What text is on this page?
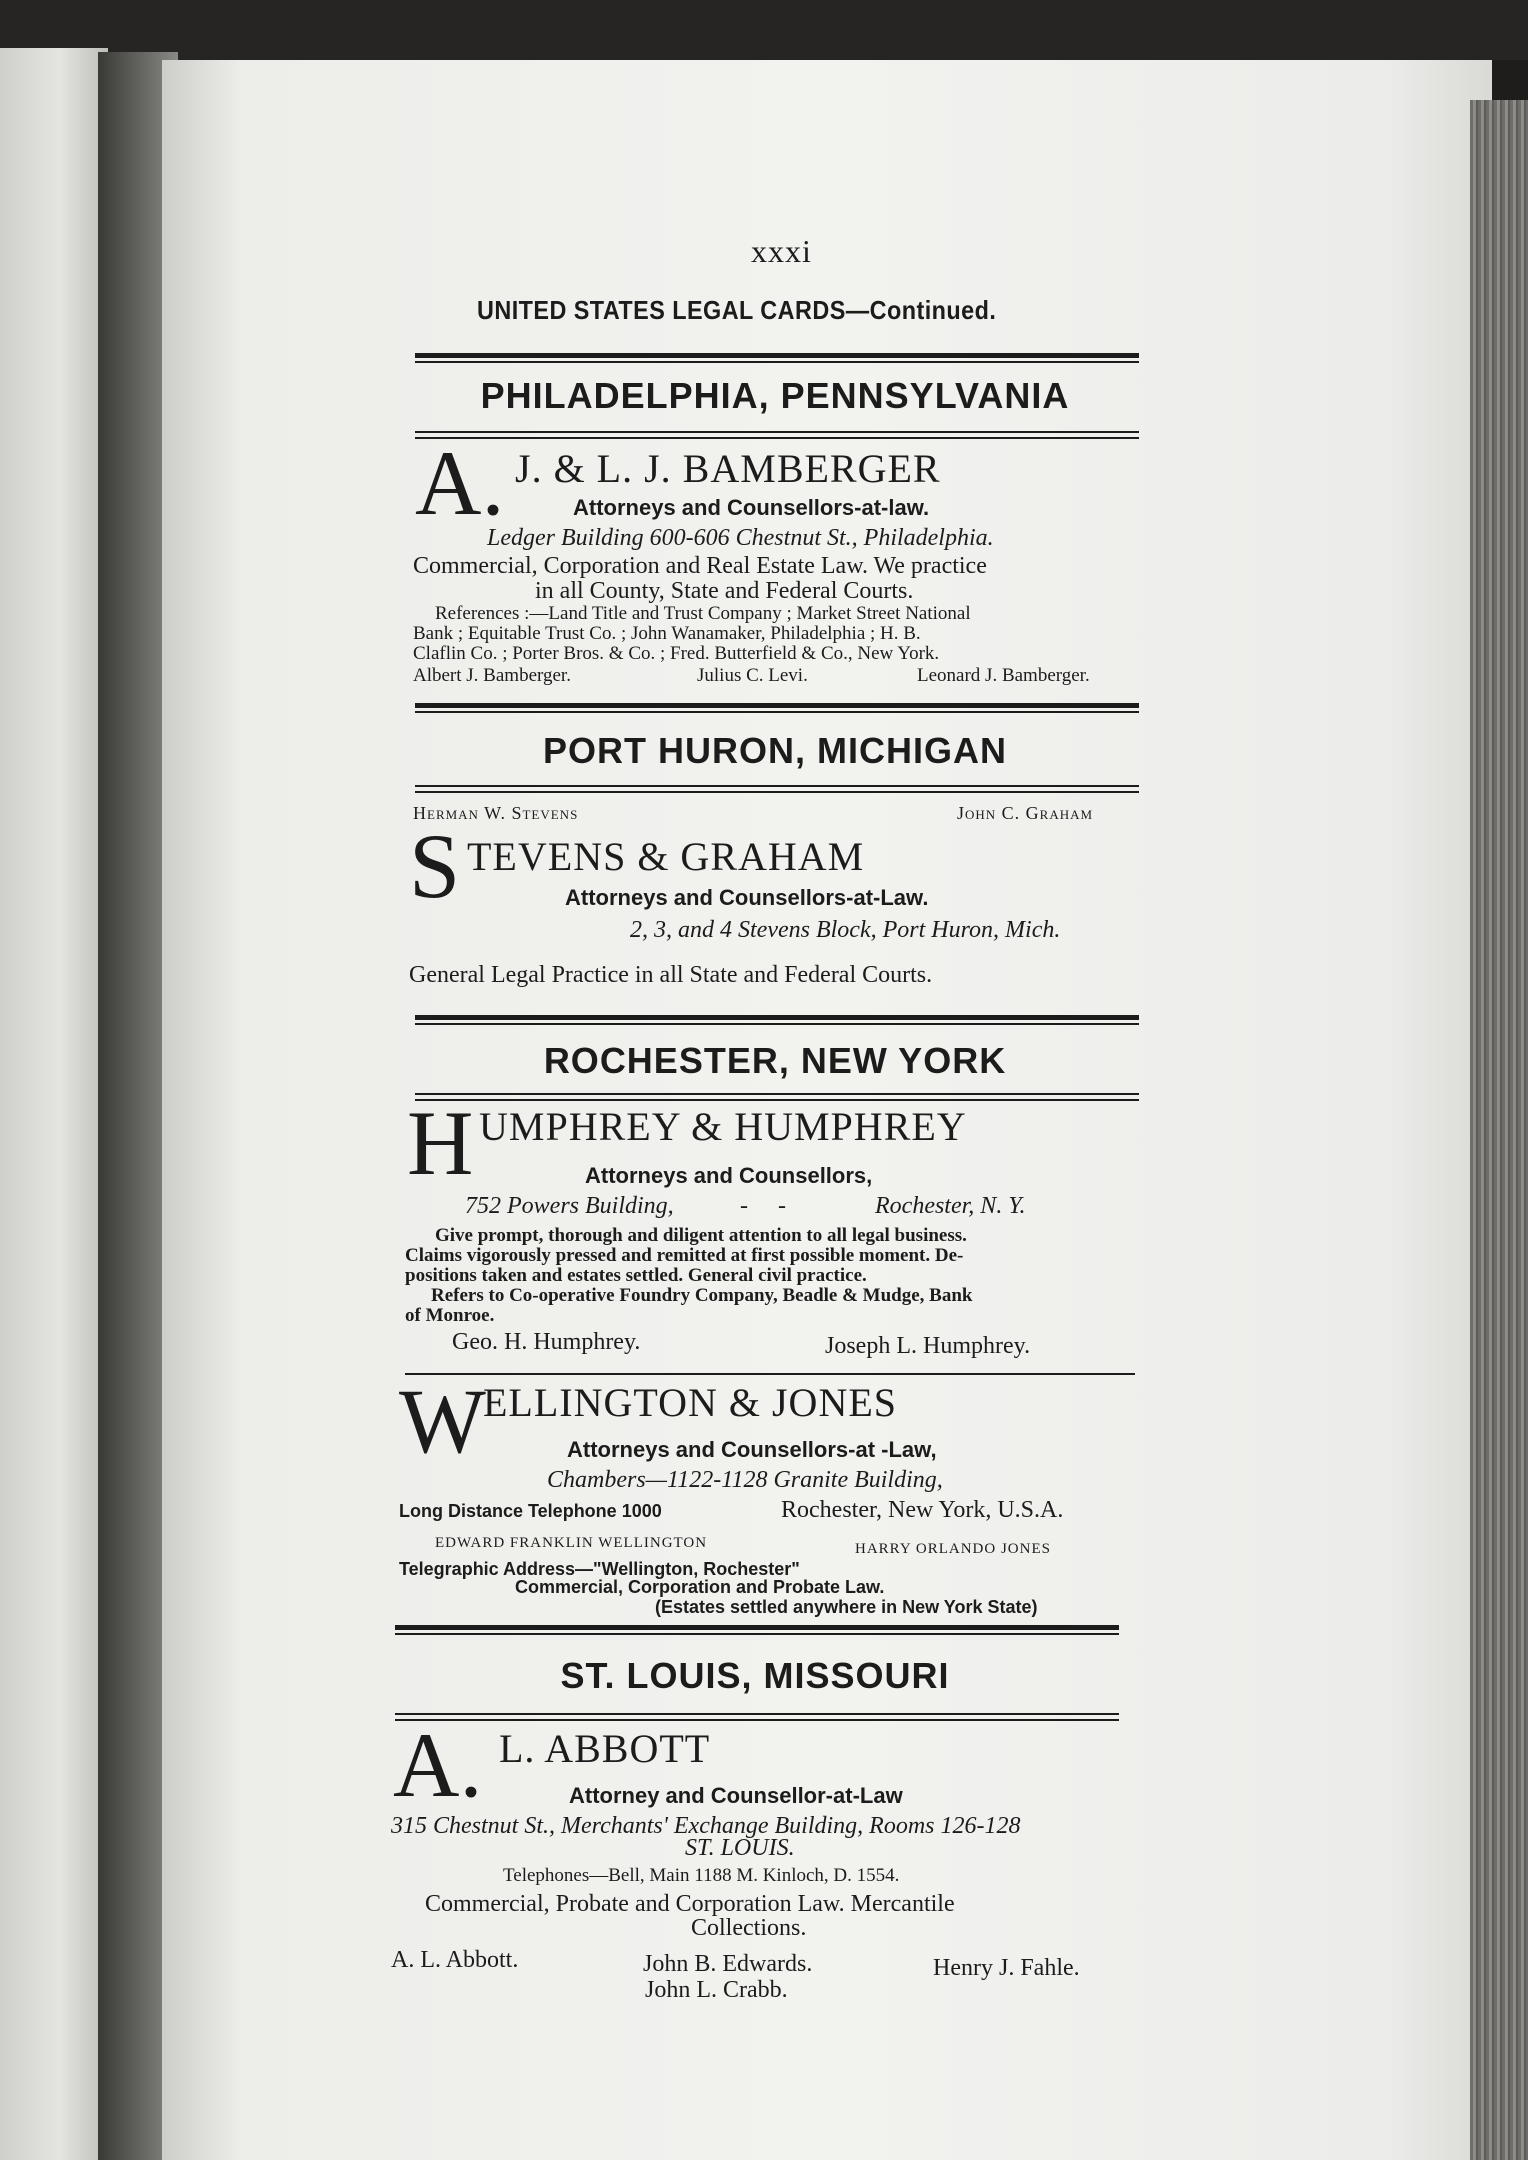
xxxi
UNITED STATES LEGAL CARDS—Continued.
PHILADELPHIA, PENNSYLVANIA
A. J. & L. J. BAMBERGER
Attorneys and Counsellors-at-law.
Ledger Building 600-606 Chestnut St., Philadelphia.
Commercial, Corporation and Real Estate Law. We practice
in all County, State and Federal Courts.
References :—Land Title and Trust Company ; Market Street National
Bank ; Equitable Trust Co. ; John Wanamaker, Philadelphia ; H. B.
Claflin Co. ; Porter Bros. & Co. ; Fred. Butterfield & Co., New York.
Albert J. Bamberger.	Julius C. Levi.	Leonard J. Bamberger.
PORT HURON, MICHIGAN
Herman W. Stevens	John C. Graham
S TEVENS & GRAHAM
Attorneys and Counsellors-at-Law.
2, 3, and 4 Stevens Block, Port Huron, Mich.
General Legal Practice in all State and Federal Courts.
ROCHESTER, NEW YORK
H UMPHREY & HUMPHREY
Attorneys and Counsellors,
752 Powers Building,	-     -	Rochester, N. Y.
Give prompt, thorough and diligent attention to all legal business.
Claims vigorously pressed and remitted at first possible moment. De-
positions taken and estates settled. General civil practice.
Refers to Co-operative Foundry Company, Beadle & Mudge, Bank
of Monroe.
Geo. H. Humphrey.	Joseph L. Humphrey.
W
ELLINGTON & JONES
Attorneys and Counsellors-at -Law,
Chambers—1122-1128 Granite Building,
Long Distance Telephone 1000	Rochester, New York, U.S.A.
EDWARD FRANKLIN WELLINGTON	HARRY ORLANDO JONES
Telegraphic Address—"Wellington, Rochester"
Commercial, Corporation and Probate Law.
(Estates settled anywhere in New York State)
ST. LOUIS, MISSOURI
A. L. ABBOTT
Attorney and Counsellor-at-Law
315 Chestnut St., Merchants' Exchange Building, Rooms 126-128
ST. LOUIS.
Telephones—Bell, Main 1188 M. Kinloch, D. 1554.
Commercial, Probate and Corporation Law. Mercantile
Collections.
A. L. Abbott.	John B. Edwards.	Henry J. Fahle.
John L. Crabb.
